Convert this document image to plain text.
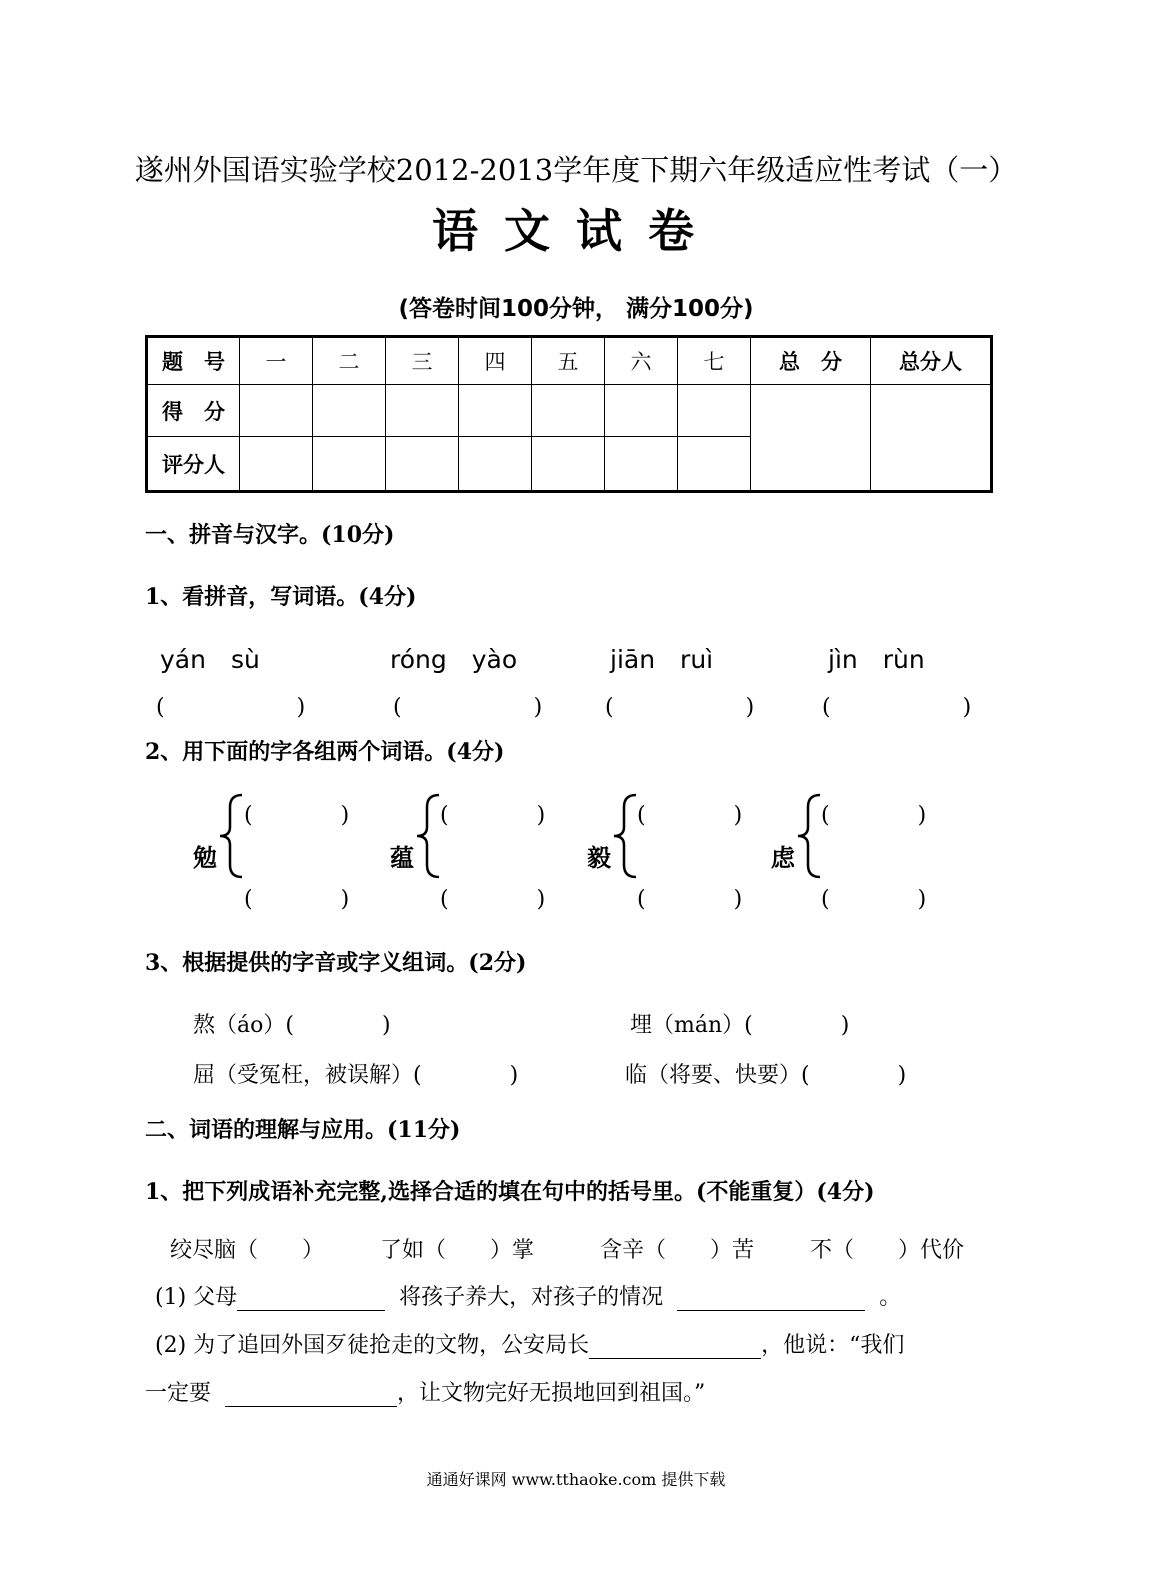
遂州外国语实验学校2012-2013学年度下期六年级适应性考试（一）
语文试卷
(答卷时间100分钟， 满分100分)
题　号	一	二	三	四	五	六	七	总　分	总分人
得　分									
评分人									
一、拼音与汉字。(10分)
1、看拼音，写词语。(4分)
yán　sù	róng　yào	jiān　ruì	jìn　rùn
(　　　　　　)	(　　　　　　)	(　　　　　　)	(　　　　　　)
2、用下面的字各组两个词语。(4分)
勉
(　　　　)
(　　　　)
蕴
(　　　　)
(　　　　)
毅
(　　　　)
(　　　　)
虑
(　　　　)
(　　　　)
3、根据提供的字音或字义组词。(2分)
熬（áo）(　　　　)	埋（mán）(　　　　)
屈（受冤枉，被误解）(　　　　)	临（将要、快要）(　　　　)
二、词语的理解与应用。(11分)
1、把下列成语补充完整,选择合适的填在句中的括号里。(不能重复）(4分)
绞尽脑（　　）	了如（　　）掌	含辛（　　）苦	不（　　）代价
(1) 父母	将孩子养大，对孩子的情况	。
(2) 为了追回外国歹徒抢走的文物，公安局长	，他说：“我们
一定要	，让文物完好无损地回到祖国。”
通通好课网 www.tthaoke.com 提供下载
